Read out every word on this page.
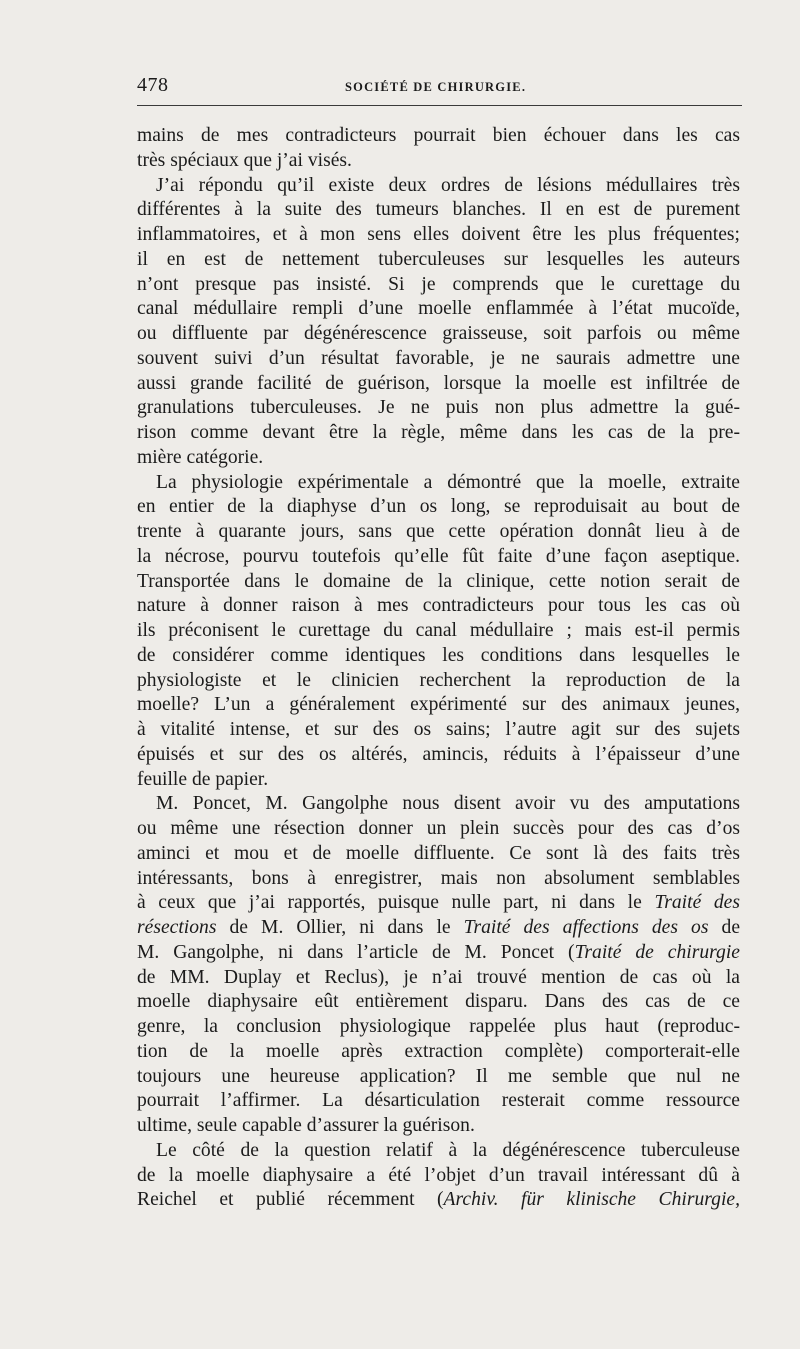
478	SOCIÉTÉ DE CHIRURGIE.
mains de mes contradicteurs pourrait bien échouer dans les cas
très spéciaux que j’ai visés.
J’ai répondu qu’il existe deux ordres de lésions médullaires très
différentes à la suite des tumeurs blanches. Il en est de purement
inflammatoires, et à mon sens elles doivent être les plus fréquentes;
il en est de nettement tuberculeuses sur lesquelles les auteurs
n’ont presque pas insisté. Si je comprends que le curettage du
canal médullaire rempli d’une moelle enflammée à l’état mucoïde,
ou diffluente par dégénérescence graisseuse, soit parfois ou même
souvent suivi d’un résultat favorable, je ne saurais admettre une
aussi grande facilité de guérison, lorsque la moelle est infiltrée de
granulations tuberculeuses. Je ne puis non plus admettre la gué-
rison comme devant être la règle, même dans les cas de la pre-
mière catégorie.
La physiologie expérimentale a démontré que la moelle, extraite
en entier de la diaphyse d’un os long, se reproduisait au bout de
trente à quarante jours, sans que cette opération donnât lieu à de
la nécrose, pourvu toutefois qu’elle fût faite d’une façon aseptique.
Transportée dans le domaine de la clinique, cette notion serait de
nature à donner raison à mes contradicteurs pour tous les cas où
ils préconisent le curettage du canal médullaire ; mais est-il permis
de considérer comme identiques les conditions dans lesquelles le
physiologiste et le clinicien recherchent la reproduction de la
moelle? L’un a généralement expérimenté sur des animaux jeunes,
à vitalité intense, et sur des os sains; l’autre agit sur des sujets
épuisés et sur des os altérés, amincis, réduits à l’épaisseur d’une
feuille de papier.
M. Poncet, M. Gangolphe nous disent avoir vu des amputations
ou même une résection donner un plein succès pour des cas d’os
aminci et mou et de moelle diffluente. Ce sont là des faits très
intéressants, bons à enregistrer, mais non absolument semblables
à ceux que j’ai rapportés, puisque nulle part, ni dans le Traité des
résections de M. Ollier, ni dans le Traité des affections des os de
M. Gangolphe, ni dans l’article de M. Poncet (Traité de chirurgie
de MM. Duplay et Reclus), je n’ai trouvé mention de cas où la
moelle diaphysaire eût entièrement disparu. Dans des cas de ce
genre, la conclusion physiologique rappelée plus haut (reproduc-
tion de la moelle après extraction complète) comporterait-elle
toujours une heureuse application? Il me semble que nul ne
pourrait l’affirmer. La désarticulation resterait comme ressource
ultime, seule capable d’assurer la guérison.
Le côté de la question relatif à la dégénérescence tuberculeuse
de la moelle diaphysaire a été l’objet d’un travail intéressant dû à
Reichel et publié récemment (Archiv. für klinische Chirurgie,
